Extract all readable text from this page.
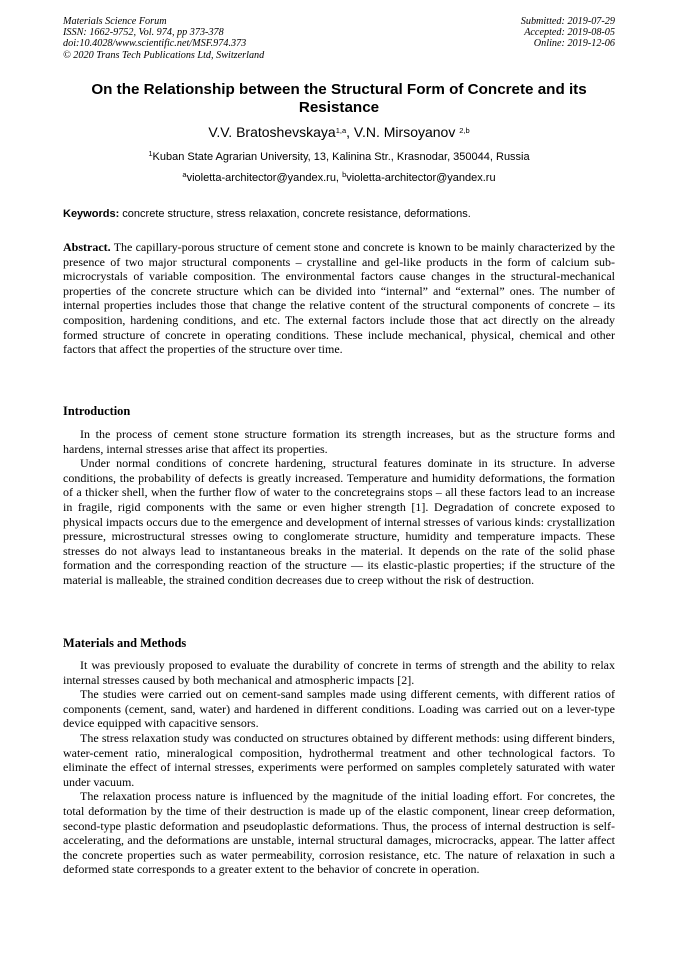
Materials Science Forum
ISSN: 1662-9752, Vol. 974, pp 373-378
doi:10.4028/www.scientific.net/MSF.974.373
© 2020 Trans Tech Publications Ltd, Switzerland
Submitted: 2019-07-29
Accepted: 2019-08-05
Online: 2019-12-06
On the Relationship between the Structural Form of Concrete and its Resistance
V.V. Bratoshevskaya$^{1,a}$, V.N. Mirsoyanov $^{2,b}$
$^1$Kuban State Agrarian University, 13, Kalinina Str., Krasnodar, 350044, Russia
$^a$violetta-architector@yandex.ru, $^b$violetta-architector@yandex.ru
Keywords: concrete structure, stress relaxation, concrete resistance, deformations.

Abstract. The capillary-porous structure of cement stone and concrete is known to be mainly characterized by the presence of two major structural components – crystalline and gel-like products in the form of calcium sub-microcrystals of variable composition. The environmental factors cause changes in the structural-mechanical properties of the concrete structure which can be divided into “internal” and “external” ones. The number of internal properties includes those that change the relative content of the structural components of concrete – its composition, hardening conditions, and etc. The external factors include those that act directly on the already formed structure of concrete in operating conditions. These include mechanical, physical, chemical and other factors that affect the properties of the structure over time.

Introduction

In the process of cement stone structure formation its strength increases, but as the structure forms and hardens, internal stresses arise that affect its properties.

Under normal conditions of concrete hardening, structural features dominate in its structure. In adverse conditions, the probability of defects is greatly increased. Temperature and humidity deformations, the formation of a thicker shell, when the further flow of water to the concretegrains stops – all these factors lead to an increase in fragile, rigid components with the same or even higher strength [1]. Degradation of concrete exposed to physical impacts occurs due to the emergence and development of internal stresses of various kinds: crystallization pressure, microstructural stresses owing to conglomerate structure, humidity and temperature impacts. These stresses do not always lead to instantaneous breaks in the material. It depends on the rate of the solid phase formation and the corresponding reaction of the structure — its elastic-plastic properties; if the structure of the material is malleable, the strained condition decreases due to creep without the risk of destruction.

Materials and Methods

It was previously proposed to evaluate the durability of concrete in terms of strength and the ability to relax internal stresses caused by both mechanical and atmospheric impacts [2].

The studies were carried out on cement-sand samples made using different cements, with different ratios of components (cement, sand, water) and hardened in different conditions. Loading was carried out on a lever-type device equipped with capacitive sensors.

The stress relaxation study was conducted on structures obtained by different methods: using different binders, water-cement ratio, mineralogical composition, hydrothermal treatment and other technological factors. To eliminate the effect of internal stresses, experiments were performed on samples completely saturated with water under vacuum.

The relaxation process nature is influenced by the magnitude of the initial loading effort. For concretes, the total deformation by the time of their destruction is made up of the elastic component, linear creep deformation, second-type plastic deformation and pseudoplastic deformations. Thus, the process of internal destruction is self-accelerating, and the deformations are unstable, internal structural damages, microcracks, appear. The latter affect the concrete properties such as water permeability, corrosion resistance, etc. The nature of relaxation in such a deformed state corresponds to a greater extent to the behavior of concrete in operation.
